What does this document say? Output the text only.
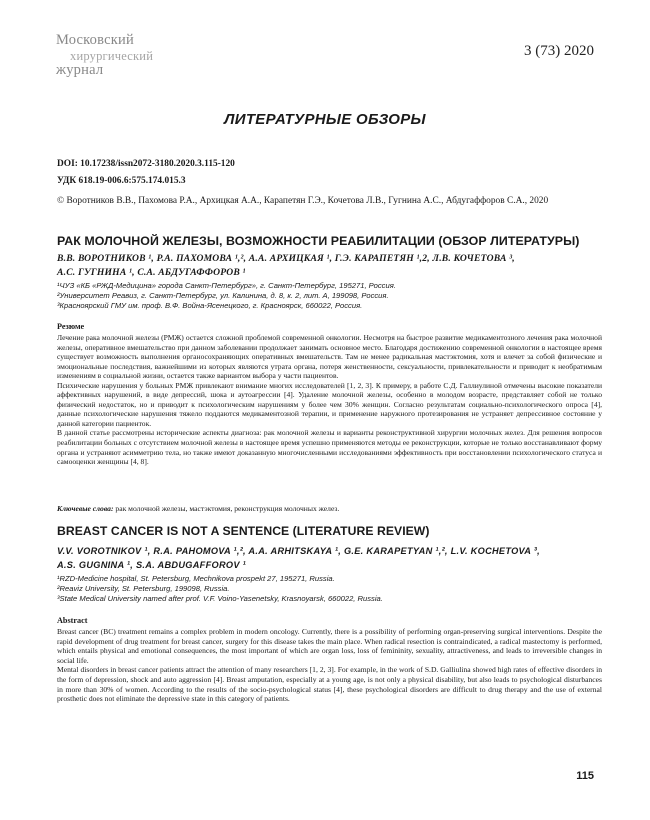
Московский
хирургический
журнал
3 (73) 2020
ЛИТЕРАТУРНЫЕ ОБЗОРЫ
DOI: 10.17238/issn2072-3180.2020.3.115-120
УДК 618.19-006.6:575.174.015.3
© Воротников В.В., Пахомова Р.А., Архицкая А.А., Карапетян Г.Э., Кочетова Л.В., Гугнина А.С., Абдугаффоров С.А., 2020
РАК МОЛОЧНОЙ ЖЕЛЕЗЫ, ВОЗМОЖНОСТИ РЕАБИЛИТАЦИИ (ОБЗОР ЛИТЕРАТУРЫ)
В.В. ВОРОТНИКОВ ¹, Р.А. ПАХОМОВА ¹,², А.А. АРХИЦКАЯ ¹, Г.Э. КАРАПЕТЯН ¹,2, Л.В. КОЧЕТОВА ³,
А.С. ГУГНИНА ¹, С.А. АБДУГАФФОРОВ ¹
¹ЧУЗ «КБ «РЖД-Медицина» города Санкт-Петербург», г. Санкт-Петербург, 195271, Россия.
²Университет Реавиз, г. Санкт-Петербург, ул. Калинина, д. 8, к. 2, лит. А, 199098, Россия.
³Красноярский ГМУ им. проф. В.Ф. Война-Ясенецкого, г. Красноярск, 660022, Россия.
Резюме

Лечение рака молочной железы (РМЖ) остается сложной проблемой современной онкологии. Несмотря на быстрое развитие медикаментозного лечения рака молочной железы, оперативное вмешательство при данном заболевании продолжает занимать основное место. Благодаря достижению современной онкологии в настоящее время существует возможность выполнения органосохраняющих оперативных вмешательств. Там не менее радикальная мастэктомия, хотя и влечет за собой физические и эмоциональные последствия, важнейшими из которых являются утрата органа, потеря женственности, сексуальности, привлекательности и приводит к необратимым изменениям в социальной жизни, остается также вариантом выбора у части пациентов.

Психические нарушения у больных РМЖ привлекают внимание многих исследователей [1, 2, 3]. К примеру, в работе С.Д. Галлиулиной отмечены высокие показатели аффективных нарушений, в виде депрессий, шока и аутоагрессии [4]. Удаление молочной железы, особенно в молодом возрасте, представляет собой не только физический недостаток, но и приводит к психологическим нарушениям у более чем 30% женщин. Согласно результатам социально-психологического опроса [4], данные психологические нарушения тяжело поддаются медикаментозной терапии, и применение наружного протезирования не устраняет депрессивное состояние у данной категории пациенток.

В данной статье рассмотрены исторические аспекты диагноза: рак молочной железы и варианты реконструктивной хирургии молочных желез. Для решения вопросов реабилитации больных с отсутствием молочной железы в настоящее время успешно применяются методы ее реконструкции, которые не только восстанавливают форму органа и устраняют асимметрию тела, но также имеют доказанную многочисленными исследованиями эффективность при восстановлении психологического статуса и самооценки женщины [4, 8].

Ключевые слова: рак молочной железы, мастэктомия, реконструкция молочных желез.
BREAST CANCER IS NOT A SENTENCE (LITERATURE REVIEW)
V.V. VOROTNIKOV ¹, R.A. PAHOMOVA ¹,², A.A. ARHITSKAYA ¹, G.E. KARAPETYAN ¹,², L.V. KOCHETOVA ³,
A.S. GUGNINA ¹, S.A. ABDUGAFFOROV ¹
¹RZD-Medicine hospital, St. Petersburg, Mechnikova prospekt 27, 195271, Russia.
²Reaviz University, St. Petersburg, 199098, Russia.
³State Medical University named after prof. V.F. Voino-Yasenetsky, Krasnoyarsk, 660022, Russia.
Abstract

Breast cancer (BC) treatment remains a complex problem in modern oncology. Currently, there is a possibility of performing organ-preserving surgical interventions. Despite the rapid development of drug treatment for breast cancer, surgery for this disease takes the main place. When radical resection is contraindicated, a radical mastectomy is performed, which entails physical and emotional consequences, the most important of which are organ loss, loss of femininity, sexuality, attractiveness, and leads to irreversible changes in social life.

Mental disorders in breast cancer patients attract the attention of many researchers [1, 2, 3]. For example, in the work of S.D. Galliulina showed high rates of effective disorders in the form of depression, shock and auto aggression [4]. Breast amputation, especially at a young age, is not only a physical disability, but also leads to psychological disturbances in more than 30% of women. According to the results of the socio-psychological status [4], these psychological disorders are difficult to drug therapy and the use of external prosthetic does not eliminate the depressive state in this category of patients.

115
